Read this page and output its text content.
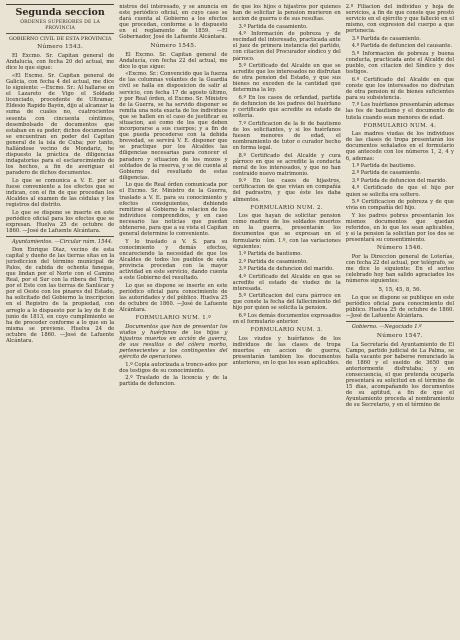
Segunda seccion
ÓRDENES SUPERIORES DE LA PROVINCIA
GOBIERNO CIVIL DE ESTA PROVINCIA
Número 1543.

El Excmo. Sr. Capitan general de Andalucía, con fecha 20 del actual, me dice lo que sigue:

«El Excmo. Sr. Capitan general de Galicia, con fecha 4 del actual, me dice lo siguiente: —Excmo. Sr.: Al hallarse en el Lazareto de Vigo el Soldado licenciado, procedente de Ultramar, Eldesio Rapido Bayón, dijo al alcanzar la suma de cuales no, cuatrocientos sesenta con cincuenta céntimos, desembolsado de documentos que estaban en su poder; dichos documentos se encuentran en poder del Capitan general de la isla de Cuba; por tanto, hallándose vecino de Mondariz, he dispuesto la práctica de diligencias indagatorias para el esclarecimiento de los hechos, a fin de averiguar el paradero de dichos documentos.

Lo que se comunica a V. E. por si fuese conveniente a los efectos que se indican, con el fin de que procedan los Alcaldes al examen de las cédulas y los registros del distrito.

Lo que se dispone se inserte en este periódico oficial para los efectos que se expresan. Huelva 25 de octubre de 1860. —José de Lafuente Alcántara.

Ayuntamientos. —Circular núm. 1544.

Don Enrique Diaz, vecino de esta capital y dueño de las tierras sitas en la jurisdiccion del término municipal de Palos, de cabida de ochenta fanegas, que lindan por el Norte con el Camino Real, por el Sur con la ribera del Tinto, por el Este con las tierras de Sanlúcar y por el Oeste con los pinares del Estado, ha solicitado del Gobierno la inscripcion en el Registro de la propiedad, con arreglo a lo dispuesto por la ley de 8 de junio de 1813, en cuyo cumplimiento se ha de proceder conforme a lo que en la misma se previene. Huelva 24 de octubre de 1860. —José de Lafuente Alcántara.

nistros del interesado, y se anuncia en este periódico oficial, en cuyo caso se dará cuenta al Gobierno a los efectos que procedan, conforme a lo dispuesto en el reglamento de 1859. —El Gobernador, José de Lafuente Alcántara.

Número 1545.

El Excmo. Sr. Capitan general de Andalucía, con fecha 22 del actual, me dice lo que sigue:

«Excmo. Sr.: Convencido que la fuerza de las columnas volantes de la Guardia civil se halla en disposicion de salir al servicio, con fecha 17 de agosto último, y por Real órden, el Excmo. Sr. Ministro de la Guerra, se ha servido disponer se remita una nota exacta de los individuos que se hallen en el caso de justificar su situacion, asi como de los que deben incorporarse a sus cuerpos; y a fin de que pueda procederse con la debida brevedad, se servirá V. E. disponer que se practique por los Alcaldes las diligencias necesarias para conocer el paradero y situacion de los mozos y soldados de la reserva, y se dé cuenta al Gobierno del resultado de estas diligencias.

Lo que de Real órden comunicada por el Excmo. Sr. Ministro de la Guerra, traslado a V. E. para su conocimiento y efectos consiguientes, debiendo remitirse al Gobierno la relacion de los individuos comprendidos, y en caso necesario las noticias que puedan obtenerse, para que a su vista el Capitan general determine lo conveniente.

Y lo traslado a V. S. para su conocimiento y demás efectos, encareciendo la necesidad de que los Alcaldes de todos los pueblos de esta provincia procedan con la mayor actividad en este servicio, dando cuenta a este Gobierno del resultado.

Lo que se dispone se inserte en este periódico oficial para conocimiento de las autoridades y del público. Huelva 25 de octubre de 1860. —José de Lafuente Alcántara.

FORMULARIO NUM. 1.º

Documentos que han de presentar los viudos y huérfanos de los hijos y hijastros muertos en acción de guerra, de sus resultas o del cólera morbo, pertenecientes a los contingentes del ejército de operaciones.

1.º Copia autorizada a tronco-ados por dos testigos de su conocimiento.

2.º Traslado de la licencia y de la partida de defuncion.

de que los hijos o hijastros por quienes han de solicitar la pension murieron en accion de guerra o de sus resultas.

3.º Partida de casamiento.

4.º Información de pobreza y de vecindad del interesado, practicada ante el juez de primera instancia del partido, con citacion del Procurador síndico y del párroco.

5.º Certificado del Alcalde en que se acredite que los interesados no disfrutan de otra pension del Estado, y que sus bienes no exceden de la cantidad que determina la ley.

6.º En los casos de orfandad, partida de defuncion de los padres del huérfano y certificado que acredite su estado de soltería.

7.º Certificacion de la fe de bautismo de los solicitantes, y si los huérfanos fuesen menores de edad, el nombramiento de tutor o curador hecho en forma legal.

8.º Certificado del Alcalde y cura párroco en que se acredite la conducta moral de los interesados, y que no han contraido nuevo matrimonio.

9.º En los casos de hijastros, certificacion de que vivian en compañía del padrastro, y que éste les daba alimentos.

FORMULARIO NUM. 2.

Los que hayan de solicitar pension como madres de los soldados muertos en la guerra, presentarán los documentos que se expresan en el formulario núm. 1.º, con las variaciones siguientes:

1.º Partida de bautismo.

2.º Partida de casamiento.

3.º Partida de defuncion del marido.

4.º Certificado del Alcalde en que se acredite el estado de viudez de la interesada.

5.º Certificacion del cura párroco en que conste la fecha del fallecimiento del hijo por quien se solicita la pension.

6.º Los demás documentos expresados en el formulario anterior.

FORMULARIO NUM. 3.

Los viudos y huérfanos de los individuos de las clases de tropa muertos en accion de guerra, presentarán tambien los documentos anteriores, en lo que les sean aplicables.

2.º Filiacion del individuo y hoja de servicios, a fin de que conste que prestó servicio en el ejército y que falleció en el mismo, con expresion del cuerpo a que pertenecia.

3.º Partida de casamiento.

4.º Partida de defuncion del causante.

5.º Informacion de pobreza y buena conducta, practicada ante el Alcalde del pueblo, con citacion del Síndico y dos testigos.

6.º Certificado del Alcalde en que conste que los interesados no disfrutan de otra pension ni de bienes suficientes para su subsistencia.

7.º Los huérfanos presentarán ademas las fes de bautismo y el documento de tutela cuando sean menores de edad.

FORMULARIO NUM. 4.

Las madres viudas de los individuos de las clases de tropa presentarán los documentos señalados en el formulario que antecede con los números 1, 2, 4 y 6, ademas:

1.º Partida de bautismo.

2.º Partida de casamiento.

3.º Partida de defuncion del marido.

4.º Certificado de que el hijo por quien se solicita era soltero.

5.º Certificacion de pobreza y de que vivia en compañía del hijo.

Y los padres pobres presentarán los mismos documentos que quedan referidos, en lo que les sean aplicables, y si la pension la solicitan por los dos se presentará su consentimiento.

Número 1546.

Por la Direccion general de Loterías, con fecha 22 del actual, por telégrafo, se me dice lo siguiente: En el sorteo celebrado hoy han salido agraciados los números siguientes:

5, 15, 45, 8, 56.

Lo que se dispone se publique en este periódico oficial para conocimiento del público. Huelva 25 de octubre de 1860. —José de Lafuente Alcántara.

Gobierno. —Negociado 1.º

Número 1547.

La Secretaría del Ayuntamiento de El Campo, partido judicial de La Palma, se halla vacante por haberse renunciado la de 1860 y el sueldo de 3650 que anteriormente disfrutaba; y en consecuencia, el que pretenda ocuparla presentará su solicitud en el término de 15 días, acompañando los documentos de su aptitud, a fin de que el Ayuntamiento proceda al nombramiento de su Secretario, y en el término de
